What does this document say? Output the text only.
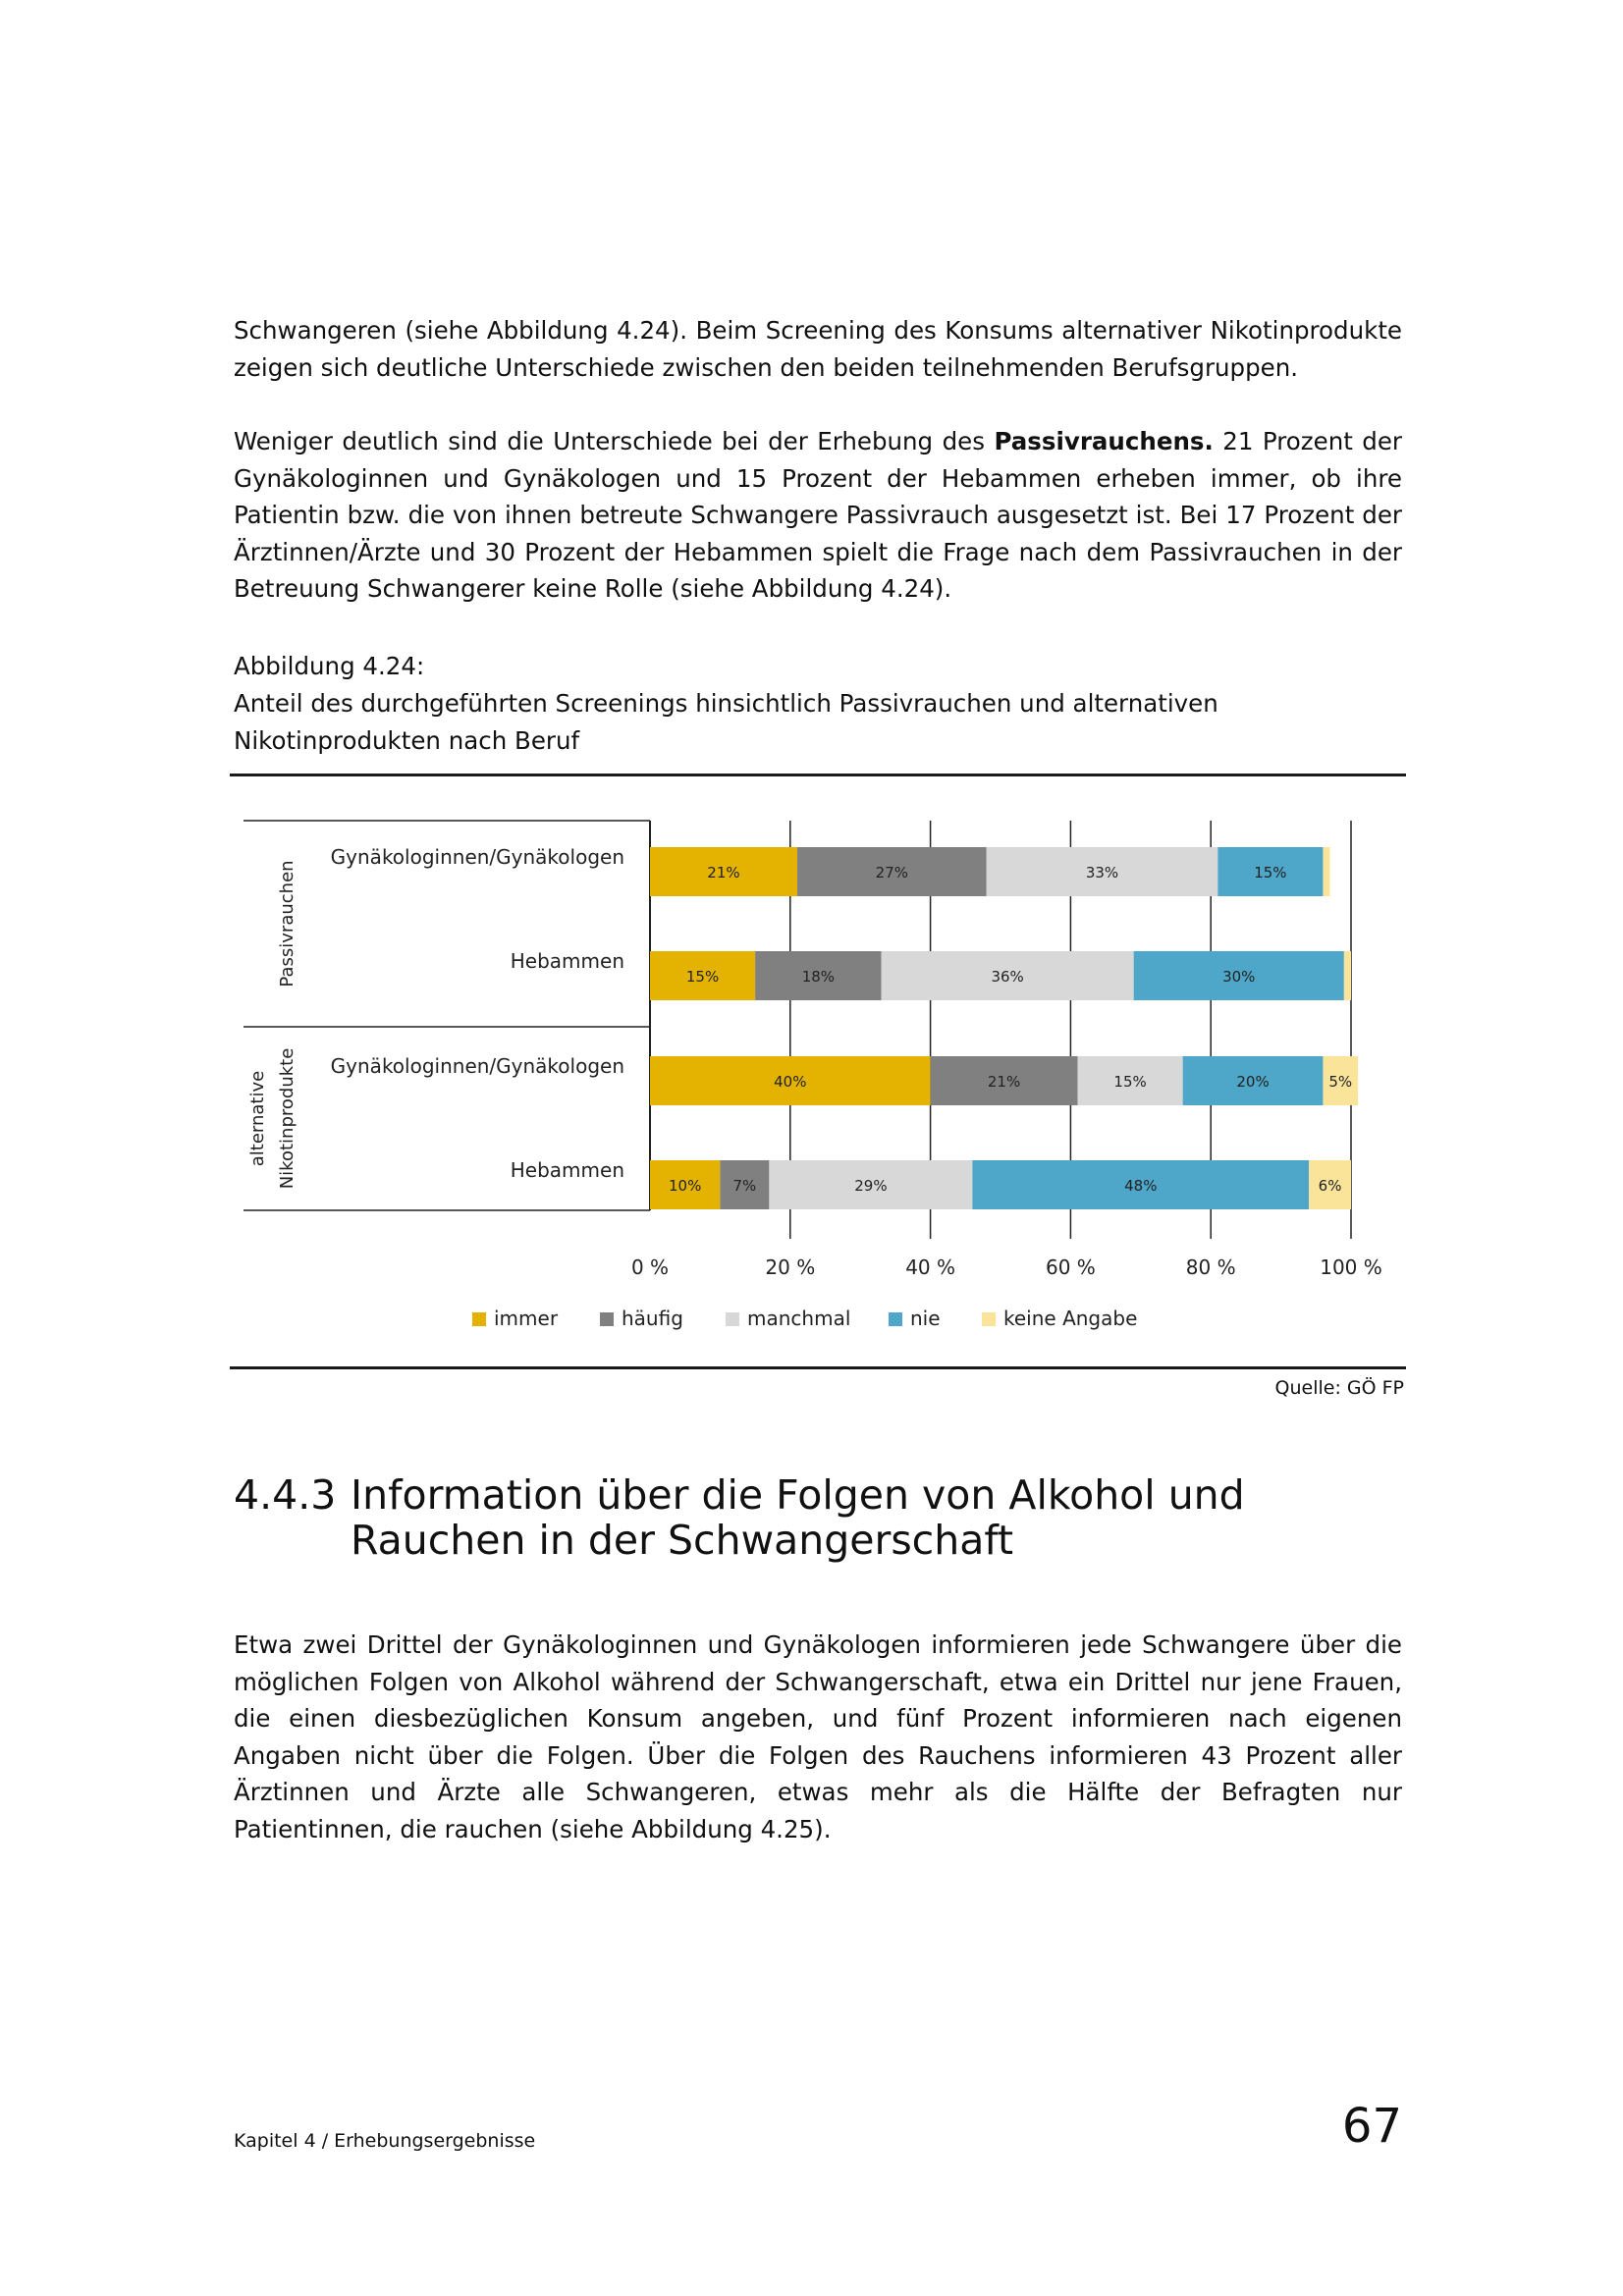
Schwangeren (siehe Abbildung 4.24). Beim Screening des Konsums alternativer Nikotinprodukte zeigen sich deutliche Unterschiede zwischen den beiden teilnehmenden Berufsgruppen.

Weniger deutlich sind die Unterschiede bei der Erhebung des Passivrauchens. 21 Prozent der Gynäkologinnen und Gynäkologen und 15 Prozent der Hebammen erheben immer, ob ihre Patientin bzw. die von ihnen betreute Schwangere Passivrauch ausgesetzt ist. Bei 17 Prozent der Ärztinnen/Ärzte und 30 Prozent der Hebammen spielt die Frage nach dem Passivrauchen in der Betreuung Schwangerer keine Rolle (siehe Abbildung 4.24).

Abbildung 4.24:
Anteil des durchgeführten Screenings hinsichtlich Passivrauchen und alternativen
Nikotinprodukten nach Beruf
21%	27%	33%	15%
15%	18%	36%	30%
40%	21%	15%	20%	5%
10% 7%	29%	48%	6%
Gynäkologinnen/Gynäkologen
Hebammen
Gynäkologinnen/Gynäkologen
Hebammen
Passivrauchen
alternative Nikotinprodukte
0 %	20 %	40 %	60 %	80 %	100 %
immer	häufig	manchmal	nie	keine Angabe
Quelle: GÖ FP
4.4.3 Information über die Folgen von Alkohol und Rauchen in der Schwangerschaft

Etwa zwei Drittel der Gynäkologinnen und Gynäkologen informieren jede Schwangere über die möglichen Folgen von Alkohol während der Schwangerschaft, etwa ein Drittel nur jene Frauen, die einen diesbezüglichen Konsum angeben, und fünf Prozent informieren nach eigenen Angaben nicht über die Folgen. Über die Folgen des Rauchens informieren 43 Prozent aller Ärztinnen und Ärzte alle Schwangeren, etwas mehr als die Hälfte der Befragten nur Patientinnen, die rauchen (siehe Abbildung 4.25).

Kapitel 4 / Erhebungsergebnisse	67
